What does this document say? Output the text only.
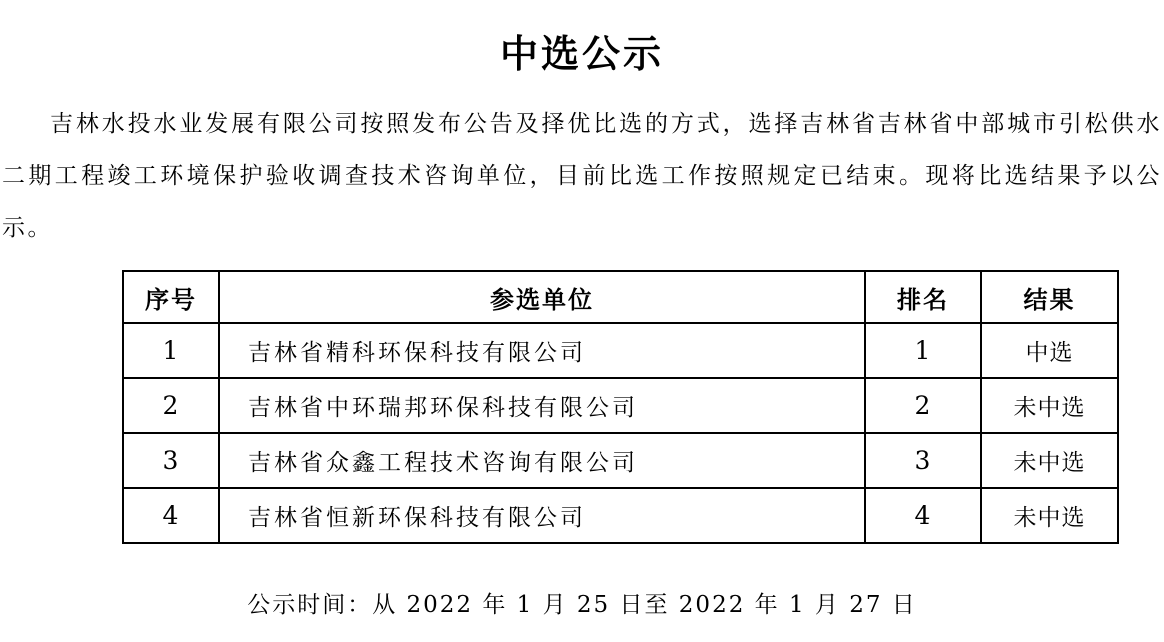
中选公示

吉林水投水业发展有限公司按照发布公告及择优比选的方式，选择吉林省吉林省中部城市引松供水二期工程竣工环境保护验收调查技术咨询单位，目前比选工作按照规定已结束。现将比选结果予以公示。

序号	参选单位	排名	结果
1	吉林省精科环保科技有限公司	1	中选
2	吉林省中环瑞邦环保科技有限公司	2	未中选
3	吉林省众鑫工程技术咨询有限公司	3	未中选
4	吉林省恒新环保科技有限公司	4	未中选

公示时间：从 2022 年 1 月 25 日至 2022 年 1 月 27 日
